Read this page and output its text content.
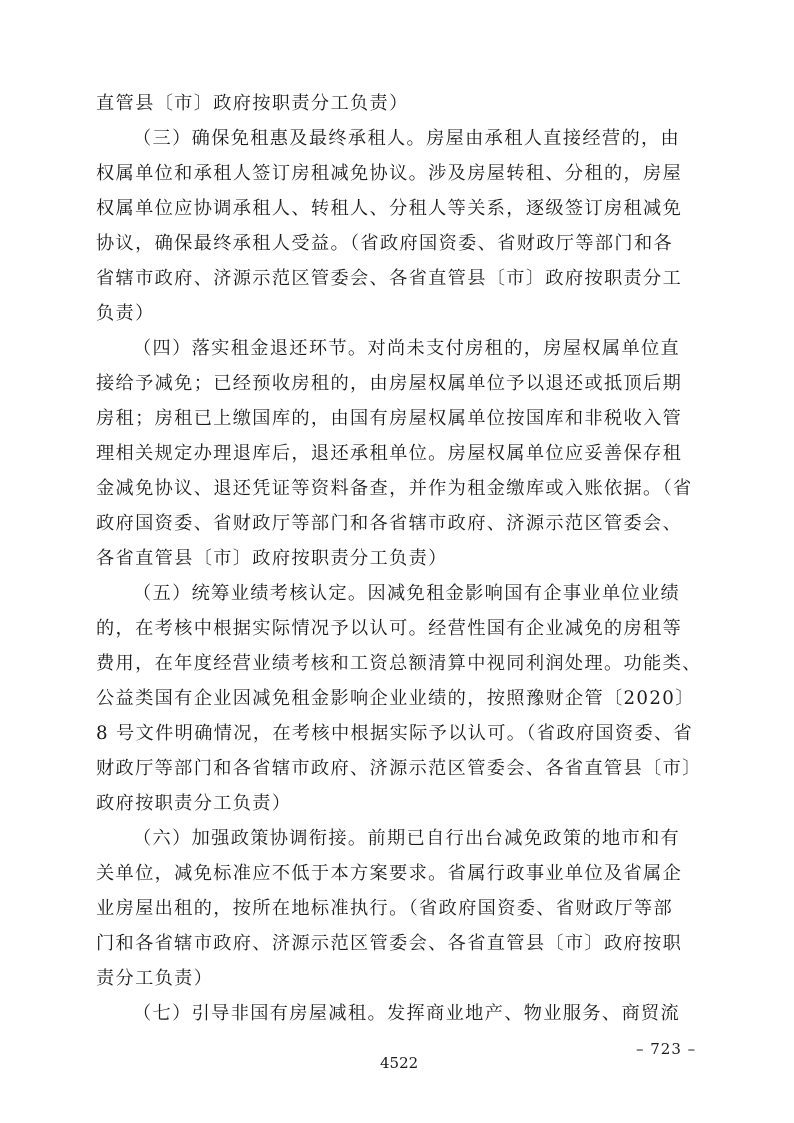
直管县〔市〕政府按职责分工负责）
（三）确保免租惠及最终承租人。房屋由承租人直接经营的，由
权属单位和承租人签订房租减免协议。涉及房屋转租、分租的，房屋
权属单位应协调承租人、转租人、分租人等关系，逐级签订房租减免
协议，确保最终承租人受益。（省政府国资委、省财政厅等部门和各
省辖市政府、济源示范区管委会、各省直管县〔市〕政府按职责分工
负责）
（四）落实租金退还环节。对尚未支付房租的，房屋权属单位直
接给予减免；已经预收房租的，由房屋权属单位予以退还或抵顶后期
房租；房租已上缴国库的，由国有房屋权属单位按国库和非税收入管
理相关规定办理退库后，退还承租单位。房屋权属单位应妥善保存租
金减免协议、退还凭证等资料备查，并作为租金缴库或入账依据。（省
政府国资委、省财政厅等部门和各省辖市政府、济源示范区管委会、
各省直管县〔市〕政府按职责分工负责）
（五）统筹业绩考核认定。因减免租金影响国有企事业单位业绩
的，在考核中根据实际情况予以认可。经营性国有企业减免的房租等
费用，在年度经营业绩考核和工资总额清算中视同利润处理。功能类、
公益类国有企业因减免租金影响企业业绩的，按照豫财企管〔2020〕
8 号文件明确情况，在考核中根据实际予以认可。（省政府国资委、省
财政厅等部门和各省辖市政府、济源示范区管委会、各省直管县〔市〕
政府按职责分工负责）
（六）加强政策协调衔接。前期已自行出台减免政策的地市和有
关单位，减免标准应不低于本方案要求。省属行政事业单位及省属企
业房屋出租的，按所在地标准执行。（省政府国资委、省财政厅等部
门和各省辖市政府、济源示范区管委会、各省直管县〔市〕政府按职
责分工负责）
（七）引导非国有房屋减租。发挥商业地产、物业服务、商贸流
– 723 –
4522
